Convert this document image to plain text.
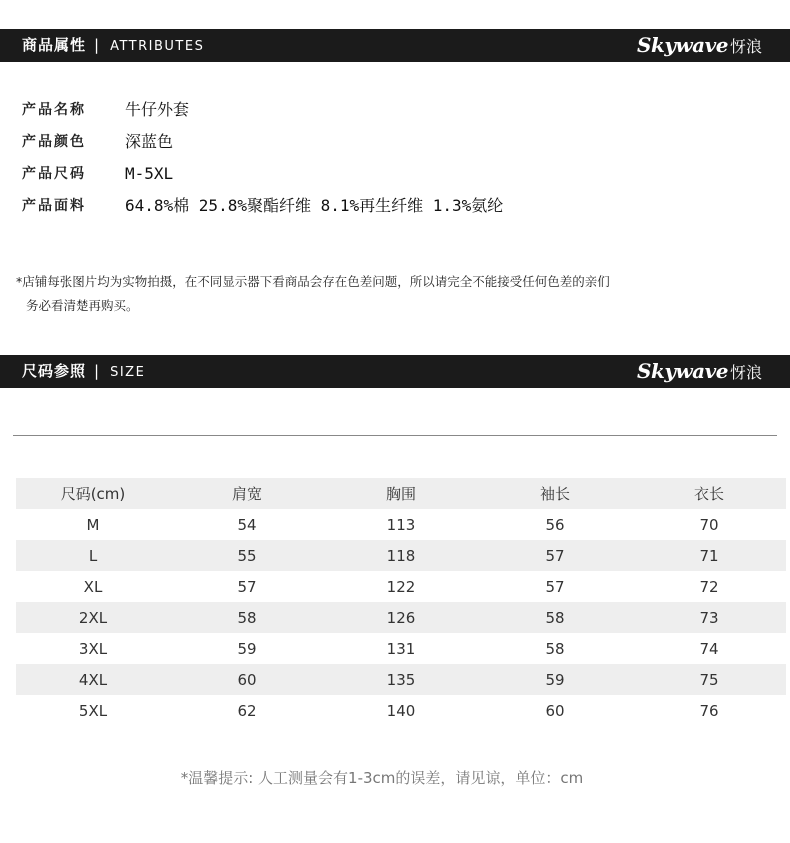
商品属性 | ATTRIBUTES	Skywave 㤉浪
产品名称 牛仔外套
产品颜色 深蓝色
产品尺码 M-5XL
产品面料 64.8%棉 25.8%聚酯纤维 8.1%再生纤维 1.3%氨纶
*店铺每张图片均为实物拍摄，在不同显示器下看商品会存在色差问题，所以请完全不能接受任何色差的亲们
务必看清楚再购买。
尺码参照 | SIZE	Skywave 㤉浪
尺码(cm)	肩宽	胸围	袖长	衣长
M	54	113	56	70
L	55	118	57	71
XL	57	122	57	72
2XL	58	126	58	73
3XL	59	131	58	74
4XL	60	135	59	75
5XL	62	140	60	76
*温馨提示: 人工测量会有1-3cm的误差，请见谅，单位：cm
